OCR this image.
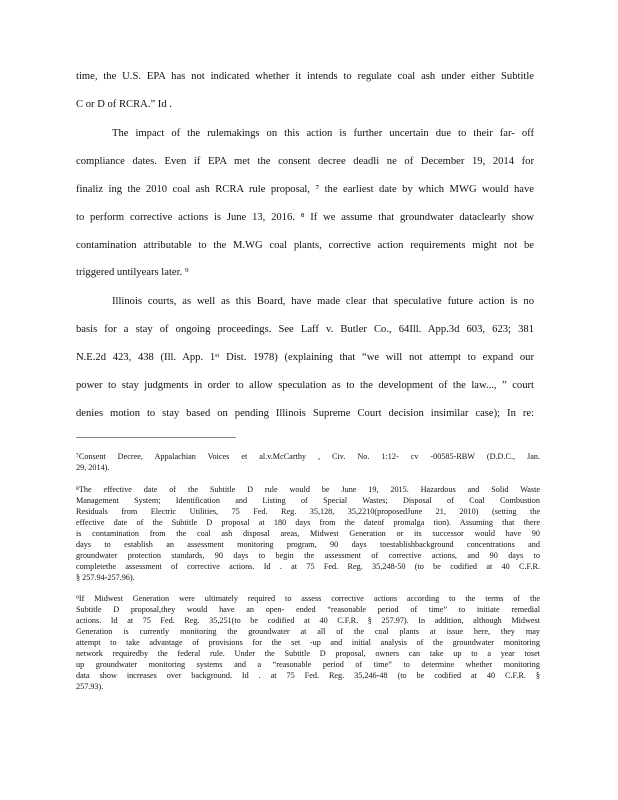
time, the U.S. EPA has not indicated whether it intends to regulate coal ash under either Subtitle
C or D of RCRA.” Id .
The impact of the rulemakings on this action is further uncertain due to their far- off
compliance dates. Even if EPA met the consent decree deadli ne of December 19, 2014 for
finaliz ing the 2010 coal ash RCRA rule proposal, ⁷ the earliest date by which MWG would have
to perform corrective actions is June 13, 2016. ⁸ If we assume that groundwater dataclearly show
contamination attributable to the M.WG coal plants, corrective action requirements might not be
triggered untilyears later. ⁹
Illinois courts, as well as this Board, have made clear that speculative future action is no
basis for a stay of ongoing proceedings. See Laff v. Butler Co., 64Ill. App.3d 603, 623; 381
N.E.2d 423, 438 (Ill. App. 1ˢᵗ Dist. 1978) (explaining that “we will not attempt to expand our
power to stay judgments in order to allow speculation as to the development of the law..., ” court
denies motion to stay based on pending Illinois Supreme Court decision insimilar case); In re:
⁷Consent Decree, Appalachian Voices et al.v.McCarthy , Civ. No. 1:12- cv -00585-RBW (D.D.C., Jan.
29, 2014).
⁸The effective date of the Subtitle D rule would be June 19, 2015. Hazardous and Solid Waste
Management System; Identification and Listing of Special Wastes; Disposal of Coal Combustion
Residuals from Electric Utilities, 75 Fed. Reg. 35,128, 35,2210(proposedJune 21, 2010) (setting the
effective date of the Subtitle D proposal at 180 days from the dateof promalga tion). Assuming that there
is contamination from the coal ash disposal areas, Midwest Generation or its successor would have 90
days to establish an assessment monitoring program, 90 days toestablishbackground concentrations and
groundwater protection standards, 90 days to begin the assessment of corrective actions, and 90 days to
completethe assessment of corrective actions. Id . at 75 Fed. Reg. 35,248-50 (to be codified at 40 C.F.R.
§ 257.94-257.96).
⁹If Midwest Generation were ultimately required to assess corrective actions according to the terms of the
Subtitle D proposal,they would have an open- ended “reasonable period of time” to initiate remedial
actions. Id at 75 Fed. Reg. 35,251(to be codified at 40 C.F.R. § 257.97). In addition, although Midwest
Generation is currently monitoring the groundwater at all of the coal plants at issue here, they may
attempt to take advantage of provisions for the set -up and initial analysis of the groundwater monitoring
network requiredby the federal rule. Under the Subtitle D proposal, owners can take up to a year toset
up groundwater monitoring systems and a “reasonable period of time” to determine whether monitoring
data show increases over background. Id . at 75 Fed. Reg. 35,246-48 (to be codified at 40 C.F.R. §
257.93).
